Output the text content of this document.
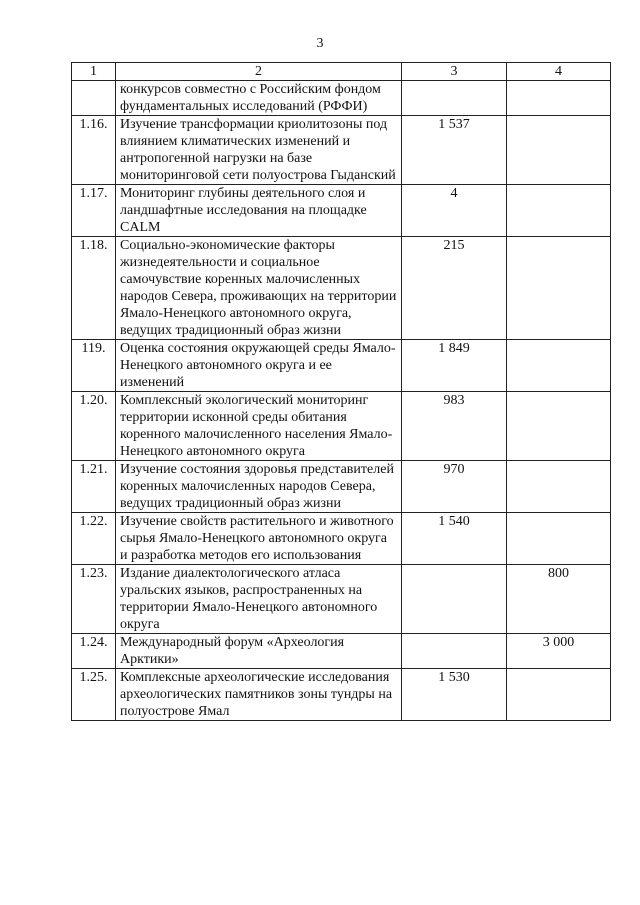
3
1	2	3	4
	конкурсов совместно с Российским фондом фундаментальных исследований (РФФИ)		
1.16.	Изучение трансформации криолитозоны под влиянием климатических изменений и антропогенной нагрузки на базе мониторинговой сети полуострова Гыданский	1 537	
1.17.	Мониторинг глубины деятельного слоя и ландшафтные исследования на площадке CALM	4	
1.18.	Социально-экономические факторы жизнедеятельности и социальное самочувствие коренных малочисленных народов Севера, проживающих на территории Ямало-Ненецкого автономного округа, ведущих традиционный образ жизни	215	
119.	Оценка состояния окружающей среды Ямало-Ненецкого автономного округа и ее изменений	1 849	
1.20.	Комплексный экологический мониторинг территории исконной среды обитания коренного малочисленного населения Ямало-Ненецкого автономного округа	983	
1.21.	Изучение состояния здоровья представителей коренных малочисленных народов Севера, ведущих традиционный образ жизни	970	
1.22.	Изучение свойств растительного и животного сырья Ямало-Ненецкого автономного округа и разработка методов его использования	1 540	
1.23.	Издание диалектологического атласа уральских языков, распространенных на территории Ямало-Ненецкого автономного округа		800
1.24.	Международный форум «Археология Арктики»		3 000
1.25.	Комплексные археологические исследования археологических памятников зоны тундры на полуострове Ямал	1 530	
